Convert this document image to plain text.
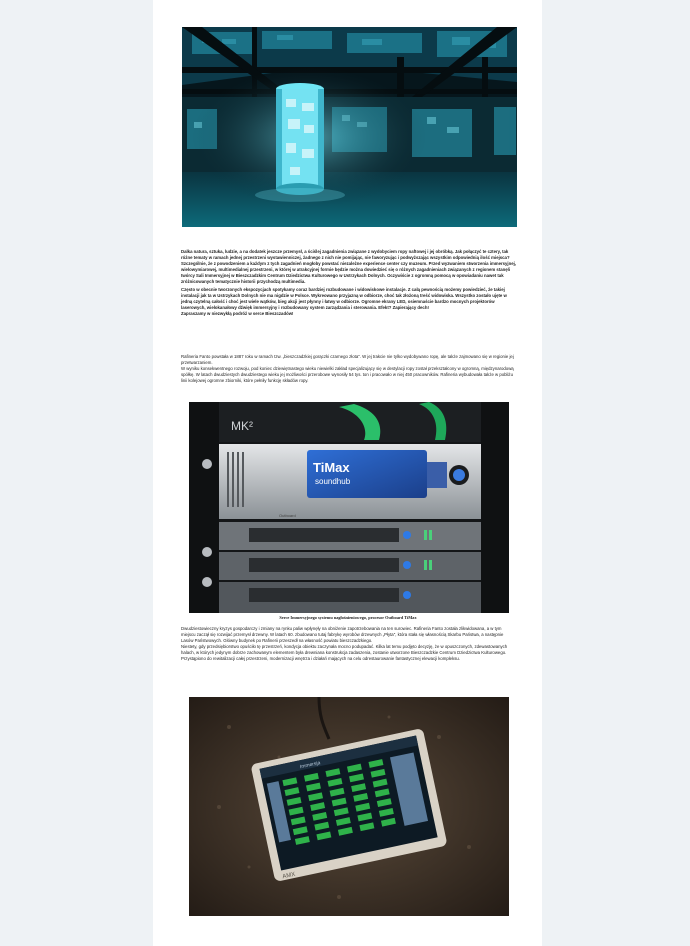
Dalka natura, sztuka, ludzie, a na dodatek jeszcze przemysł, a ściślej zagadnienia związane z wydobyciem ropy naftowej i jej obróbką. Jak połączyć te cztery, tak różne tematy w ramach jednej przestrzeni wystawienniczej, żadnego z nich nie pomijając, nie faworyzując i podwyższając wszystkim odpowiednią ilość miejsca? Szczególnie, że z powodzeniem a każdym z tych zagadnień mogłoby powstać niezależne experience center czy muzeum. Przed wyzwaniem stworzenia immersyjnej, wielowymiarowej, multimedialnej przestrzeni, w której w atrakcyjnej formie będzie można dowiedzieć się o różnych zagadnieniach związanych z regionem stanęli twórcy Sali Immersyjnej w Bieszczadzkim Centrum Dziedzictwa Kulturowego w Ustrzykach Dolnych. Oczywiście z ogromną pomocą w opowiadaniu nawet tak zróżnicowanych tematycznie historii przychodzą multimedia.

Często w obecnie tworzonych ekspozycjach spotykamy coraz bardziej rozbudowane i widowiskowe instalacje. Z całą pewnością możemy powiedzieć, że takiej instalacji jak ta w Ustrzykach Dolnych nie ma nigdzie w Polsce. Wykreowano przyjazną w odbiorze, choć tak złożoną treść widowiska. Wszystko zostało ujęte w jedną czytelną całość i choć jest wiele wątków, bieg akcji jest płynny i łatwy w odbiorze. Ogromne ekrany LED, osiemnaście bardzo mocnych projektorów laserowych, wielokanałowy dźwięk immersyjny i rozbudowany system zarządzania i sterowania. Efekt? Zapierający dech!

Zapraszamy w niezwykłą podróż w serce Bieszczadów!

Rafineria Fanto powstała w 1887 roku w ramach tzw. „bieszczadzkiej gorączki czarnego złota". W jej trakcie nie tylko wydobywano ropę, ale także zajmowano się w regionie jej przetwarzaniem.

W wyniku konsekwentnego rozwoju, pod koniec dziewiętnastego wieku niewielki zakład specjalizujący się w destylacji ropy został przekształcony w ogromną, międzynarodową spółkę. W latach dwudziestych dwudziestego wieku jej możliwości przerobowe wynosiły 54 tys. ton i pracowało w niej 450 pracowników. Rafineria wybudowała także w pobliżu linii kolejowej ogromne zbiorniki, które pełniły funkcję składów ropy.

MK²
TiMax
soundhub
Outboard
Serce Immersyjnego systemu nagłośnieniowego, procesor Outboard TiMax

Dwudziestowieczny kryzys gospodarczy i zmiany na rynku paliw wpłynęły na obniżenie zapotrzebowania na ten surowiec. Rafineria Fanto została zlikwidowana, a w tym miejscu zaczął się rozwijać przemysł drzewny. W latach 60. zbudowano tutaj fabrykę wyrobów drzewnych „Płyta", która stała się własnością Skarbu Państwa, a następnie Lasów Państwowych. Główny budynek po Rafinerii przeszedł na własność powiatu bieszczadzkiego.

Niestety, gdy przedsiębiorstwo opuściło tę przestrzeń, kondycja obiektu zaczynała mocno podupadać. Kilka lat temu podjęto decyzję, że w opuszczonych, zdewastowanych halach, w których jedynym dobrze zachowanym elementem była drewniana konstrukcja zadaszenia, zostanie utworzone Bieszczadzkie Centrum Dziedzictwa Kulturowego. Przystąpiono do rewitalizacji całej przestrzeni, modernizacji wnętrza i działań mających na celu odrestaurowanie fantastycznej elewacji kompleksu.

Immersja
AMX
